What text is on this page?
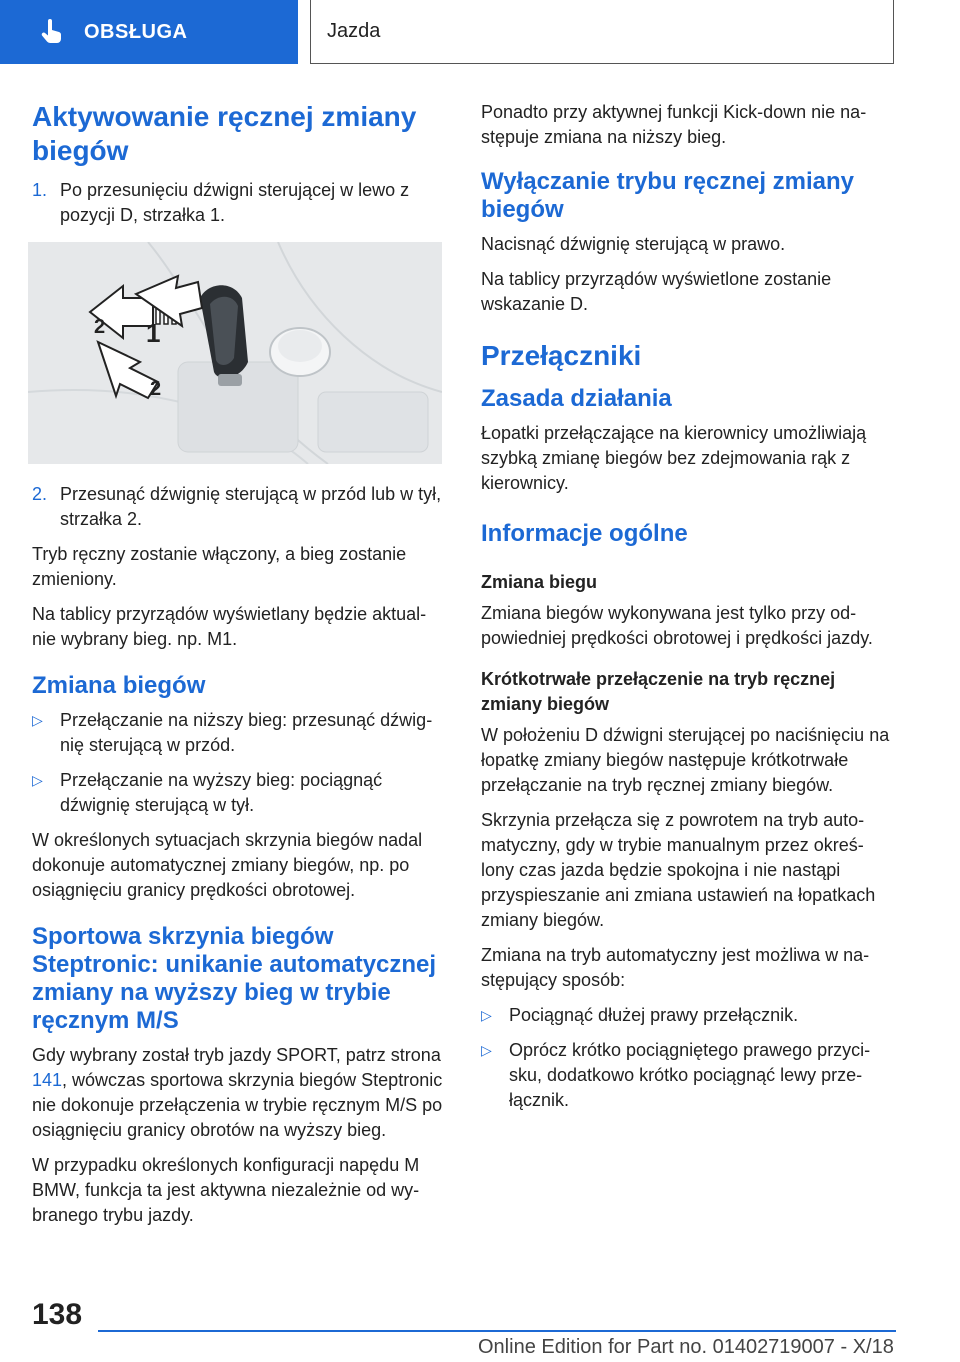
OBSŁUGA	Jazda
Aktywowanie ręcznej zmiany biegów
1. Po przesunięciu dźwigni sterującej w lewo z pozycji D, strzałka 1.
2 1
2
2. Przesunąć dźwignię sterującą w przód lub w tył, strzałka 2.

Tryb ręczny zostanie włączony, a bieg zostanie zmieniony.

Na tablicy przyrządów wyświetlany będzie aktual-nie wybrany bieg. np. M1.

Zmiana biegów
▷ Przełączanie na niższy bieg: przesunąć dźwig-nię sterującą w przód.
▷ Przełączanie na wyższy bieg: pociągnąć dźwignię sterującą w tył.

W określonych sytuacjach skrzynia biegów nadal dokonuje automatycznej zmiany biegów, np. po osiągnięciu granicy prędkości obrotowej.

Sportowa skrzynia biegów Steptronic: unikanie automatycznej zmiany na wyższy bieg w trybie ręcznym M/S

Gdy wybrany został tryb jazdy SPORT, patrz strona 141, wówczas sportowa skrzynia biegów Steptronic nie dokonuje przełączenia w trybie ręcznym M/S po osiągnięciu granicy obrotów na wyższy bieg.

W przypadku określonych konfiguracji napędu M BMW, funkcja ta jest aktywna niezależnie od wy-branego trybu jazdy.

Ponadto przy aktywnej funkcji Kick-down nie na-stępuje zmiana na niższy bieg.

Wyłączanie trybu ręcznej zmiany biegów

Nacisnąć dźwignię sterującą w prawo.

Na tablicy przyrządów wyświetlone zostanie wskazanie D.

Przełączniki
Zasada działania

Łopatki przełączające na kierownicy umożliwiają szybką zmianę biegów bez zdejmowania rąk z kierownicy.

Informacje ogólne
Zmiana biegu

Zmiana biegów wykonywana jest tylko przy od-powiedniej prędkości obrotowej i prędkości jazdy.

Krótkotrwałe przełączenie na tryb ręcznej zmiany biegów

W położeniu D dźwigni sterującej po naciśnięciu na łopatkę zmiany biegów następuje krótkotrwałe przełączanie na tryb ręcznej zmiany biegów.

Skrzynia przełącza się z powrotem na tryb auto-matyczny, gdy w trybie manualnym przez okreś-lony czas jazda będzie spokojna i nie nastąpi przyspieszanie ani zmiana ustawień na łopatkach zmiany biegów.

Zmiana na tryb automatyczny jest możliwa w na-stępujący sposób:

▷ Pociągnąć dłużej prawy przełącznik.
▷ Oprócz krótko pociągniętego prawego przyci-sku, dodatkowo krótko pociągnąć lewy prze-łącznik.
138
Online Edition for Part no. 01402719007 - X/18
